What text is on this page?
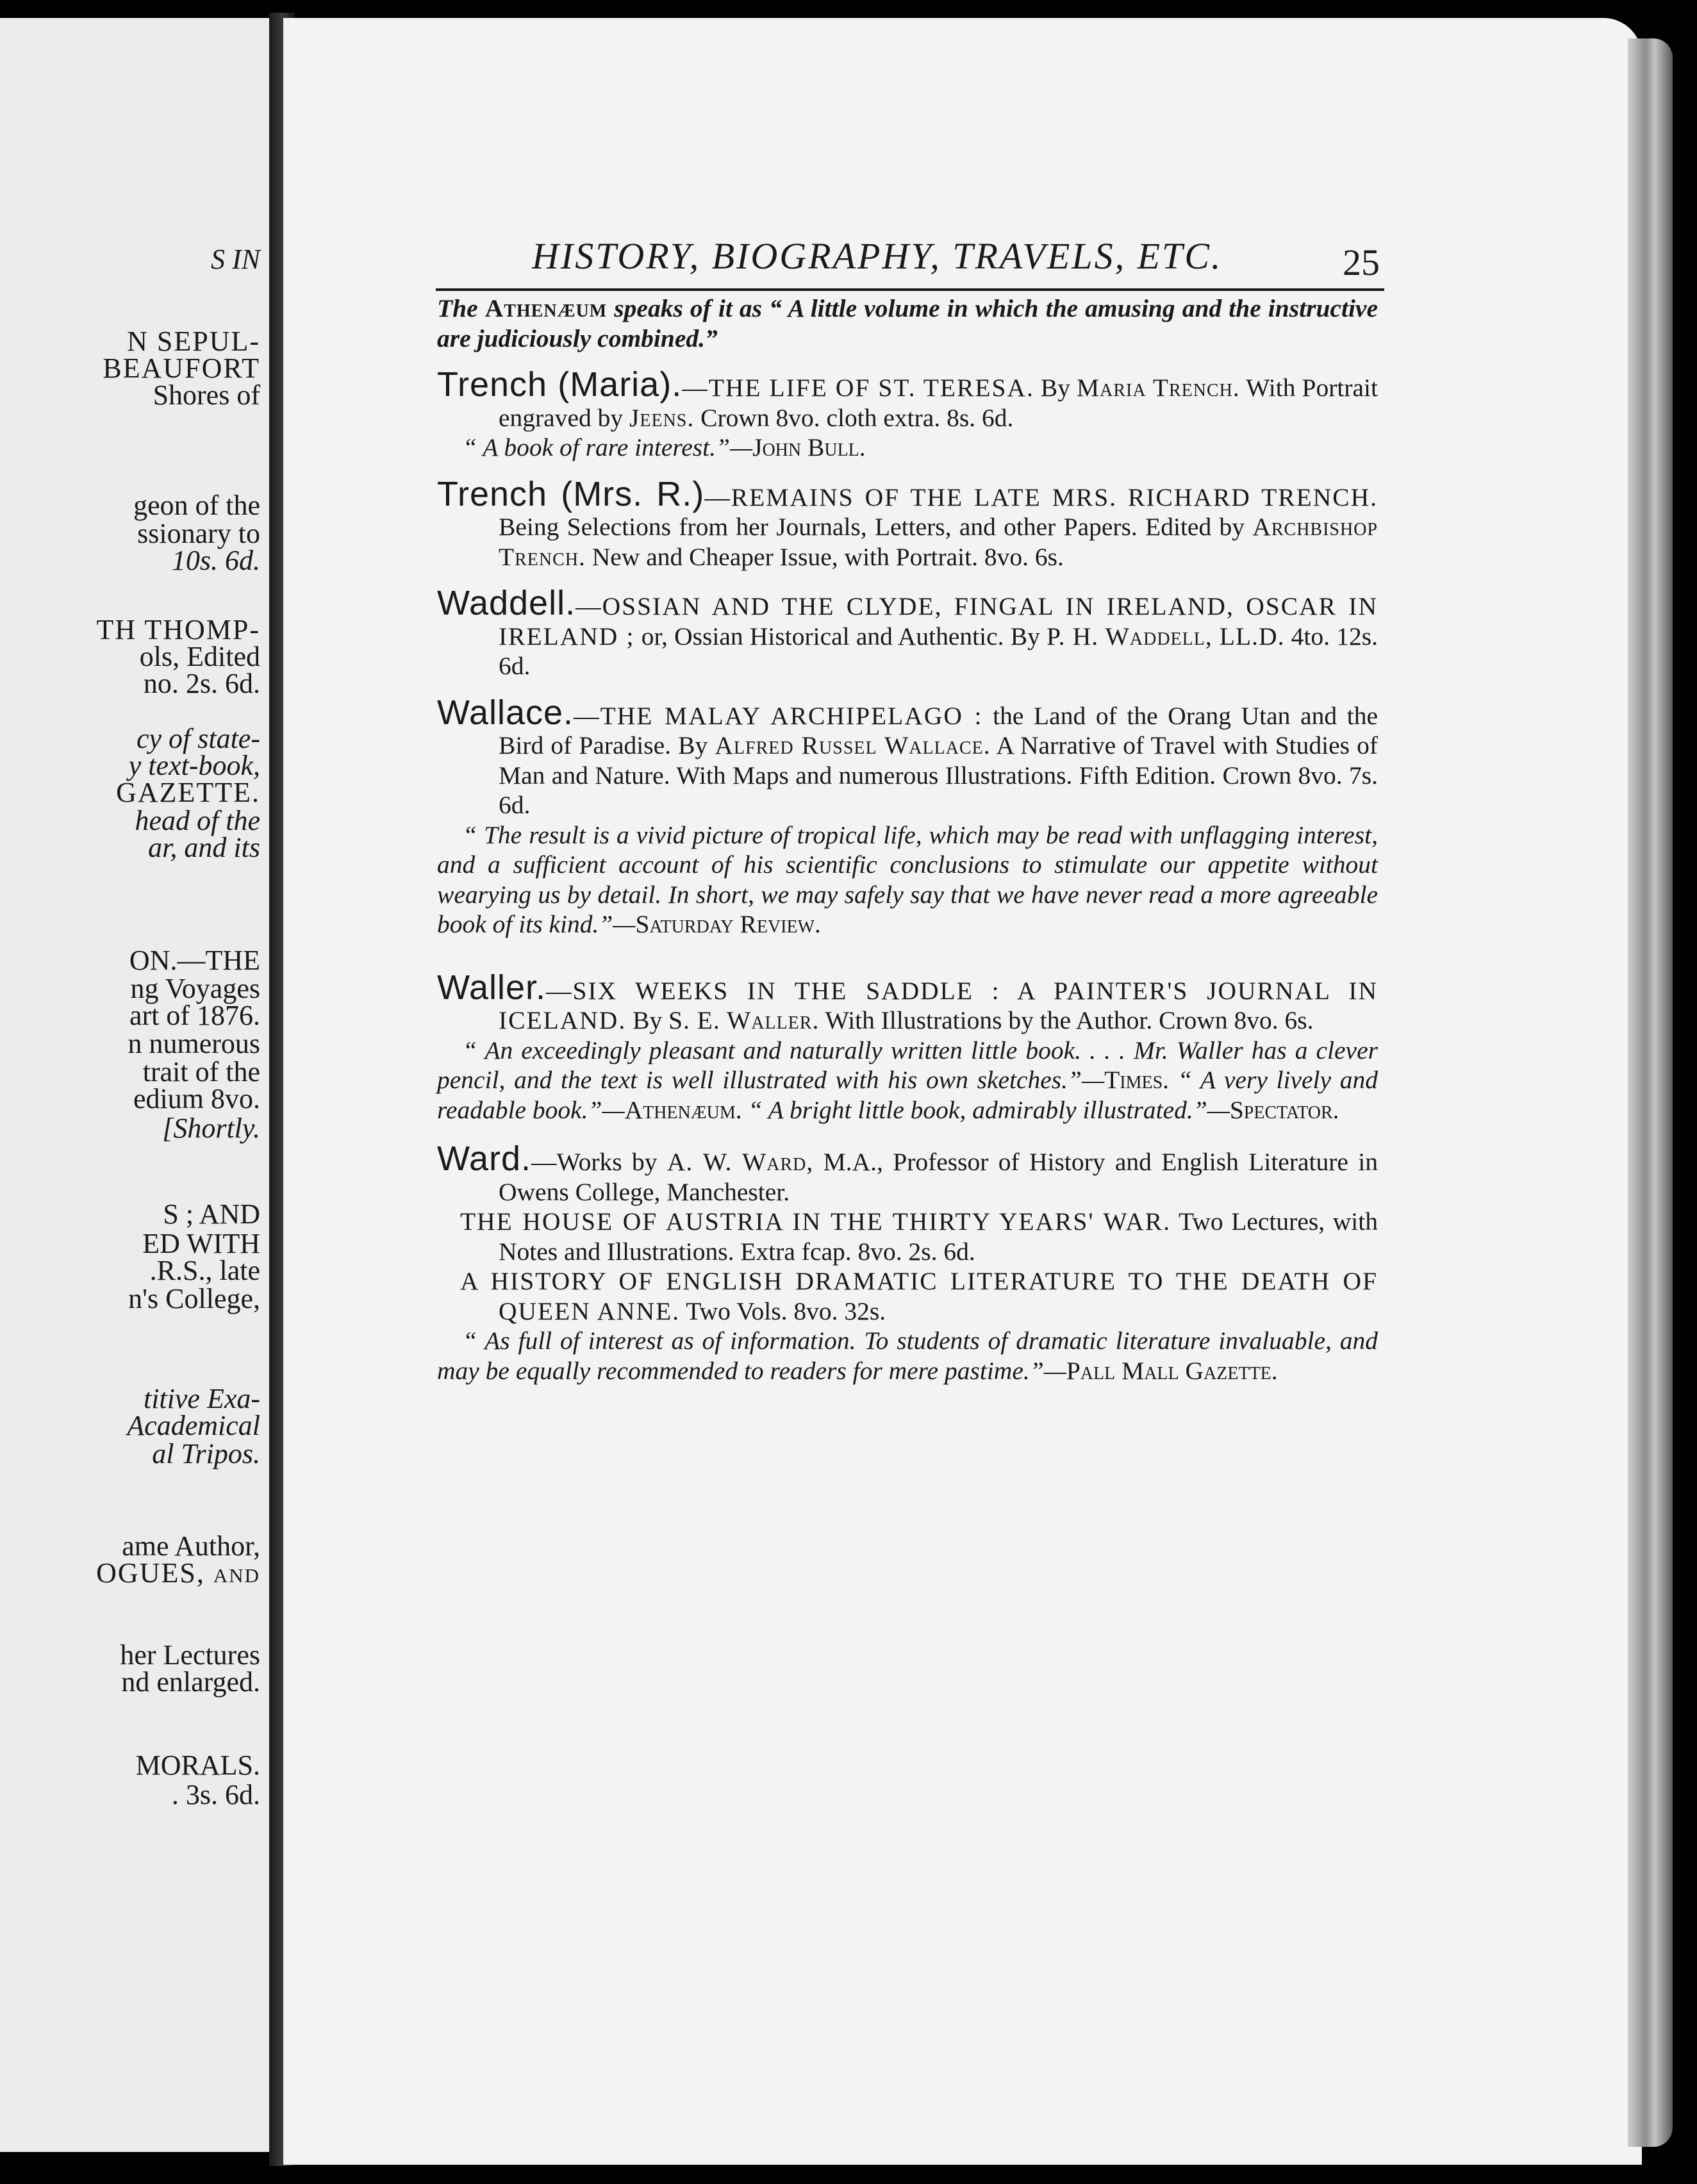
S IN
N SEPUL-
BEAUFORT
Shores of
geon of the
ssionary to
10s. 6d.
TH THOMP-
ols, Edited
no. 2s. 6d.
cy of state-
y text-book,
GAZETTE.
head of the
ar, and its
ON.—THE
ng Voyages
art of 1876.
n numerous
trait of the
edium 8vo.
[Shortly.
S ; AND
ED WITH
.R.S., late
n's College,
titive Exa-
Academical
al Tripos.
ame Author,
OGUES, and
her Lectures
nd enlarged.
MORALS.
. 3s. 6d.
HISTORY, BIOGRAPHY, TRAVELS, ETC.	25

The Athenæum speaks of it as “ A little volume in which the amusing and the instructive are judiciously combined.”

Trench (Maria).—THE LIFE OF ST. TERESA. By Maria Trench. With Portrait engraved by Jeens. Crown 8vo. cloth extra. 8s. 6d.

“ A book of rare interest.”—John Bull.

Trench (Mrs. R.)—REMAINS OF THE LATE MRS. RICHARD TRENCH. Being Selections from her Journals, Letters, and other Papers. Edited by Archbishop Trench. New and Cheaper Issue, with Portrait. 8vo. 6s.

Waddell.—OSSIAN AND THE CLYDE, FINGAL IN IRELAND, OSCAR IN IRELAND ; or, Ossian Historical and Authentic. By P. H. Waddell, LL.D. 4to. 12s. 6d.

Wallace.—THE MALAY ARCHIPELAGO : the Land of the Orang Utan and the Bird of Paradise. By Alfred Russel Wallace. A Narrative of Travel with Studies of Man and Nature. With Maps and numerous Illustrations. Fifth Edition. Crown 8vo. 7s. 6d.

“ The result is a vivid picture of tropical life, which may be read with unflagging interest, and a sufficient account of his scientific conclusions to stimulate our appetite without wearying us by detail. In short, we may safely say that we have never read a more agreeable book of its kind.”—Saturday Review.

Waller.—SIX WEEKS IN THE SADDLE : A PAINTER'S JOURNAL IN ICELAND. By S. E. Waller. With Illustrations by the Author. Crown 8vo. 6s.

“ An exceedingly pleasant and naturally written little book. . . . Mr. Waller has a clever pencil, and the text is well illustrated with his own sketches.”—Times. “ A very lively and readable book.”—Athenæum. “ A bright little book, admirably illustrated.”—Spectator.

Ward.—Works by A. W. Ward, M.A., Professor of History and English Literature in Owens College, Manchester.

THE HOUSE OF AUSTRIA IN THE THIRTY YEARS' WAR. Two Lectures, with Notes and Illustrations. Extra fcap. 8vo. 2s. 6d.

A HISTORY OF ENGLISH DRAMATIC LITERATURE TO THE DEATH OF QUEEN ANNE. Two Vols. 8vo. 32s.

“ As full of interest as of information. To students of dramatic literature invaluable, and may be equally recommended to readers for mere pastime.”—Pall Mall Gazette.
